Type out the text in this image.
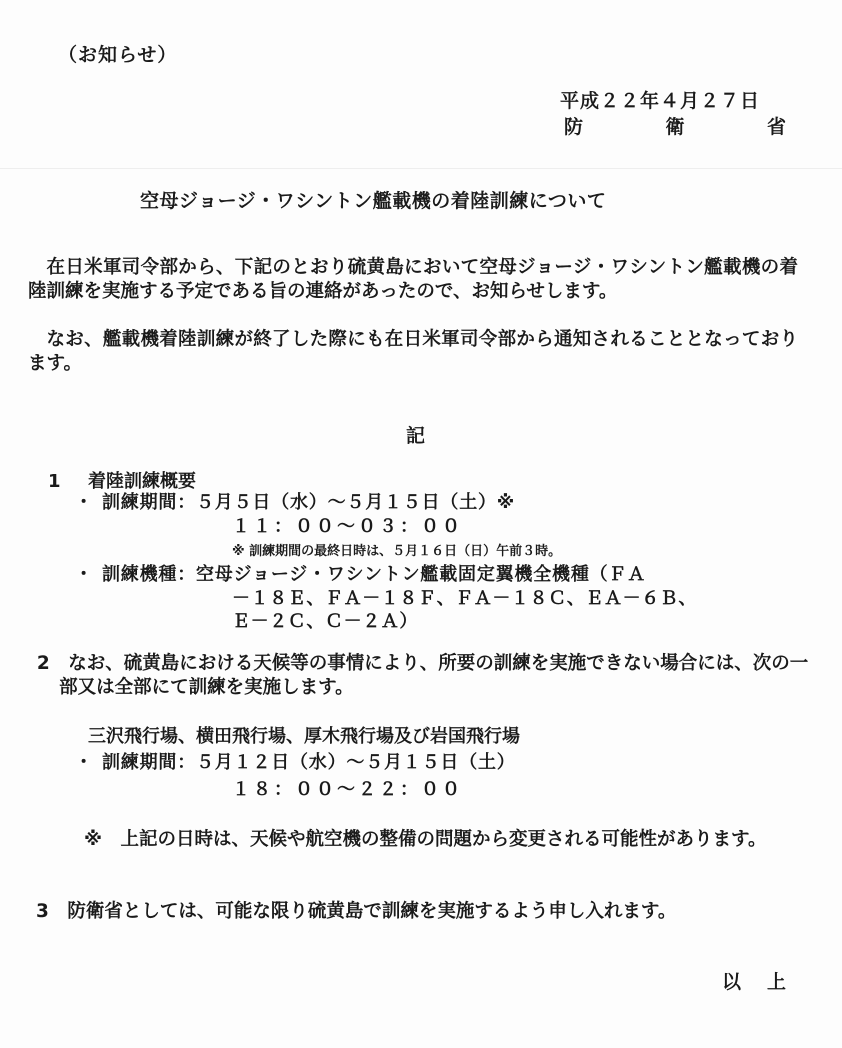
（お知らせ）
平成２２年４月２７日
防	衛	省
空母ジョージ・ワシントン艦載機の着陸訓練について
在日米軍司令部から、下記のとおり硫黄島において空母ジョージ・ワシントン艦載機の着陸訓練を実施する予定である旨の連絡があったので、お知らせします。
なお、艦載機着陸訓練が終了した際にも在日米軍司令部から通知されることとなっております。
記
1 着陸訓練概要
・ 訓練期間：５月５日（水）～５月１５日（土）※
１１：００～０３：００
※ 訓練期間の最終日時は、５月１６日（日）午前３時。
・ 訓練機種：空母ジョージ・ワシントン艦載固定翼機全機種（ＦＡ
－１８Ｅ、ＦＡ－１８Ｆ、ＦＡ－１８Ｃ、ＥＡ－６Ｂ、
Ｅ－２Ｃ、Ｃ－２Ａ）
2　 なお、硫黄島における天候等の事情により、所要の訓練を実施できない場合には、次の一部又は全部にて訓練を実施します。
三沢飛行場、横田飛行場、厚木飛行場及び岩国飛行場
・ 訓練期間：５月１２日（水）～５月１５日（土）
１８：００～２２：００
※　上記の日時は、天候や航空機の整備の問題から変更される可能性があります。
3　 防衛省としては、可能な限り硫黄島で訓練を実施するよう申し入れます。
以 上
